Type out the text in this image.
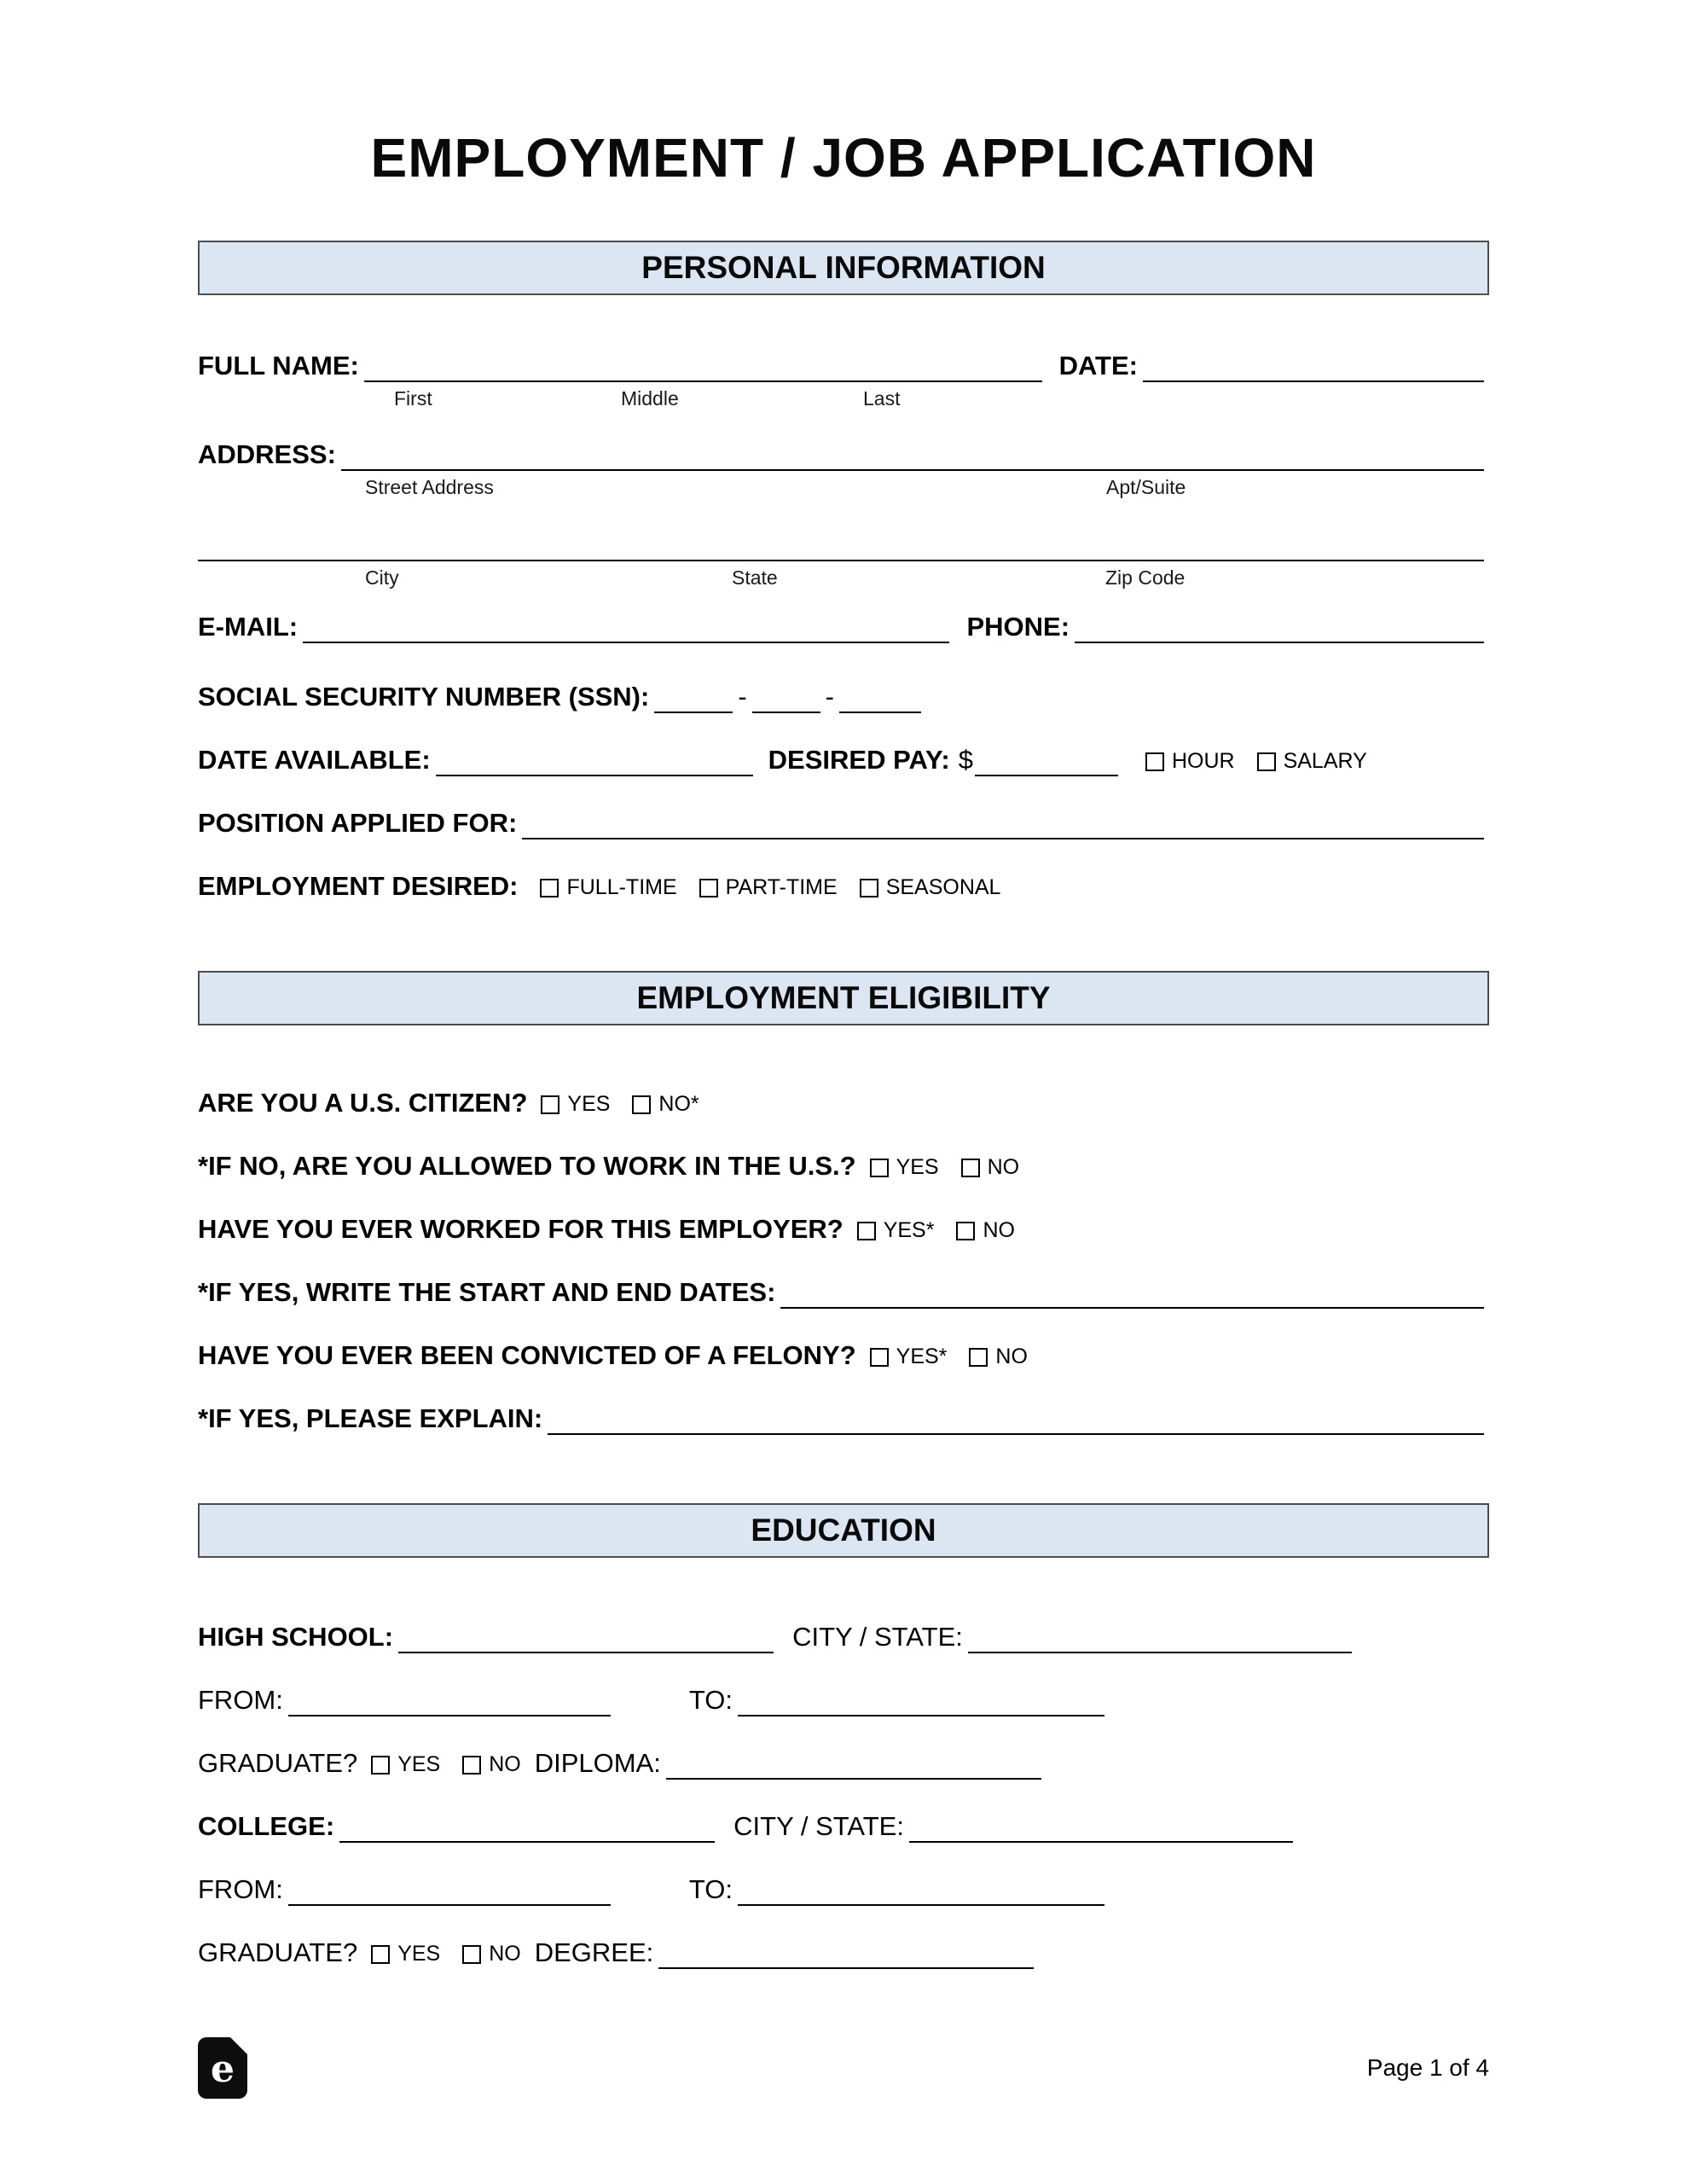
EMPLOYMENT / JOB APPLICATION
PERSONAL INFORMATION
FULL NAME:	DATE:
First	Middle	Last
ADDRESS:
Street Address	Apt/Suite
City	State	Zip Code
E-MAIL:	PHONE:
SOCIAL SECURITY NUMBER (SSN):	-	-
DATE AVAILABLE:	DESIRED PAY: $	HOUR SALARY
POSITION APPLIED FOR:
EMPLOYMENT DESIRED: FULL-TIME PART-TIME SEASONAL
EMPLOYMENT ELIGIBILITY
ARE YOU A U.S. CITIZEN? YES NO*
*IF NO, ARE YOU ALLOWED TO WORK IN THE U.S.? YES NO
HAVE YOU EVER WORKED FOR THIS EMPLOYER? YES* NO
*IF YES, WRITE THE START AND END DATES:
HAVE YOU EVER BEEN CONVICTED OF A FELONY? YES* NO
*IF YES, PLEASE EXPLAIN:
EDUCATION
HIGH SCHOOL:	CITY / STATE:
FROM:	TO:
GRADUATE? YES NO DIPLOMA:
COLLEGE:	CITY / STATE:
FROM:	TO:
GRADUATE? YES NO DEGREE:
e	Page 1 of 4
